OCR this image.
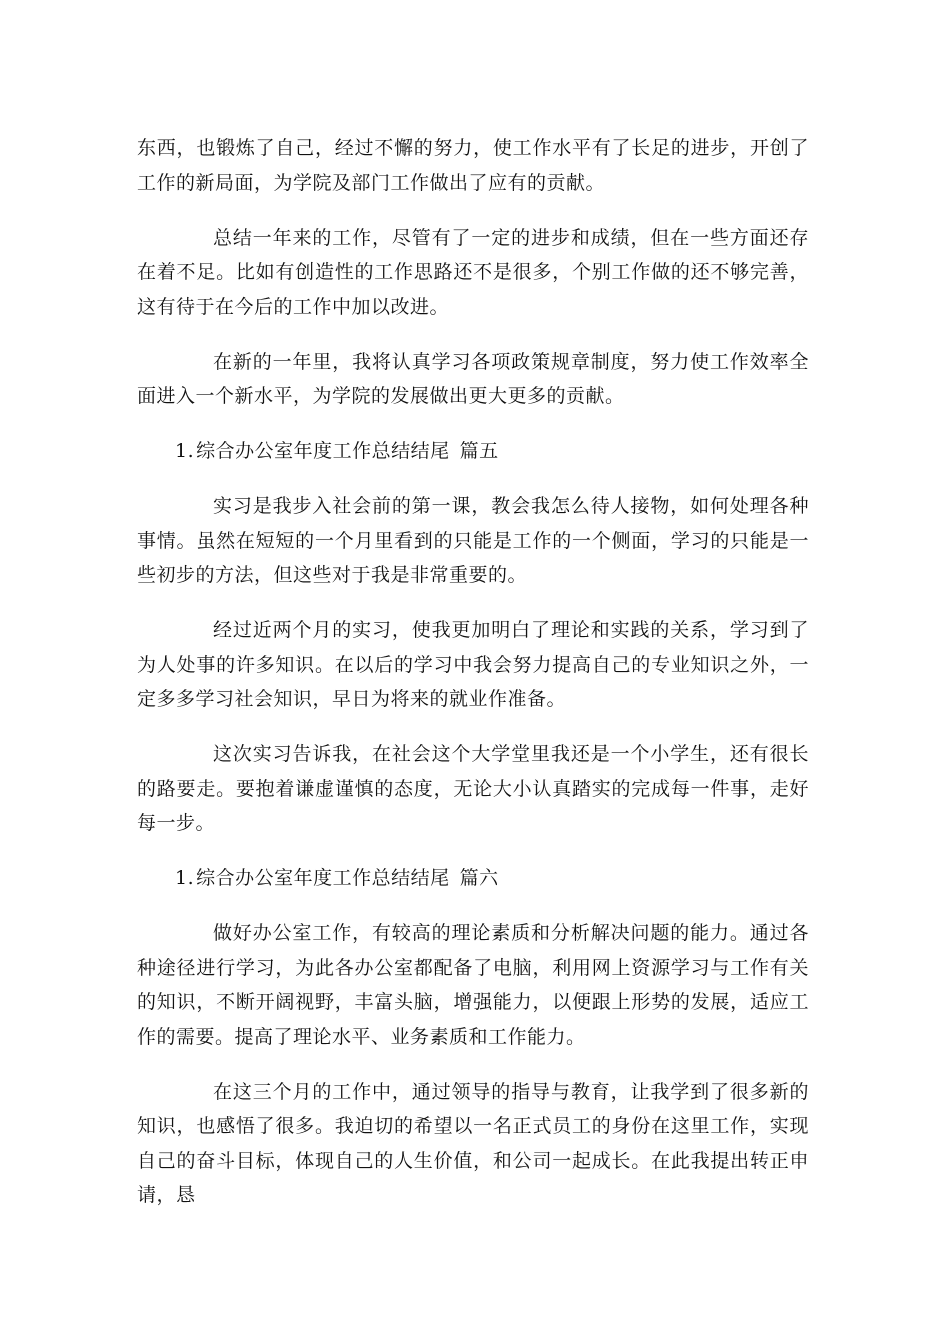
东西，也锻炼了自己，经过不懈的努力，使工作水平有了长足的进步，开创了工作的新局面，为学院及部门工作做出了应有的贡献。

总结一年来的工作，尽管有了一定的进步和成绩，但在一些方面还存在着不足。比如有创造性的工作思路还不是很多，个别工作做的还不够完善，这有待于在今后的工作中加以改进。

在新的一年里，我将认真学习各项政策规章制度，努力使工作效率全面进入一个新水平，为学院的发展做出更大更多的贡献。

1. 综合办公室年度工作总结结尾 篇五

实习是我步入社会前的第一课，教会我怎么待人接物，如何处理各种事情。虽然在短短的一个月里看到的只能是工作的一个侧面，学习的只能是一些初步的方法，但这些对于我是非常重要的。

经过近两个月的实习，使我更加明白了理论和实践的关系，学习到了为人处事的许多知识。在以后的学习中我会努力提高自己的专业知识之外，一定多多学习社会知识，早日为将来的就业作准备。

这次实习告诉我，在社会这个大学堂里我还是一个小学生，还有很长的路要走。要抱着谦虚谨慎的态度，无论大小认真踏实的完成每一件事，走好每一步。

1. 综合办公室年度工作总结结尾 篇六

做好办公室工作，有较高的理论素质和分析解决问题的能力。通过各种途径进行学习，为此各办公室都配备了电脑，利用网上资源学习与工作有关的知识，不断开阔视野，丰富头脑，增强能力，以便跟上形势的发展，适应工作的需要。提高了理论水平、业务素质和工作能力。

在这三个月的工作中，通过领导的指导与教育，让我学到了很多新的知识，也感悟了很多。我迫切的希望以一名正式员工的身份在这里工作，实现自己的奋斗目标，体现自己的人生价值，和公司一起成长。在此我提出转正申请，恳
